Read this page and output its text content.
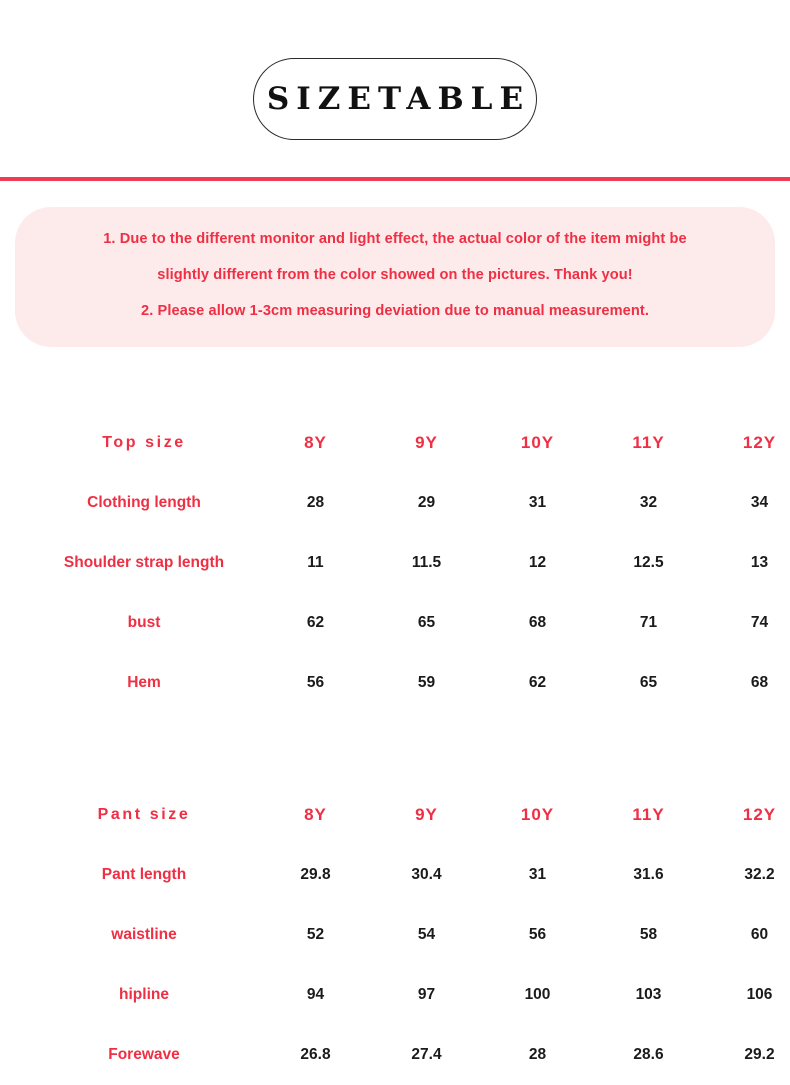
SIZETABLE

1. Due to the different monitor and light effect, the actual color of the item might be

slightly different from the color showed on the pictures. Thank you!

2. Please allow 1-3cm measuring deviation due to manual measurement.

Top size	8Y	9Y	10Y	11Y	12Y
Clothing length	28	29	31	32	34
Shoulder strap length	11	11.5	12	12.5	13
bust	62	65	68	71	74
Hem	56	59	62	65	68
Pant size	8Y	9Y	10Y	11Y	12Y
Pant length	29.8	30.4	31	31.6	32.2
waistline	52	54	56	58	60
hipline	94	97	100	103	106
Forewave	26.8	27.4	28	28.6	29.2
